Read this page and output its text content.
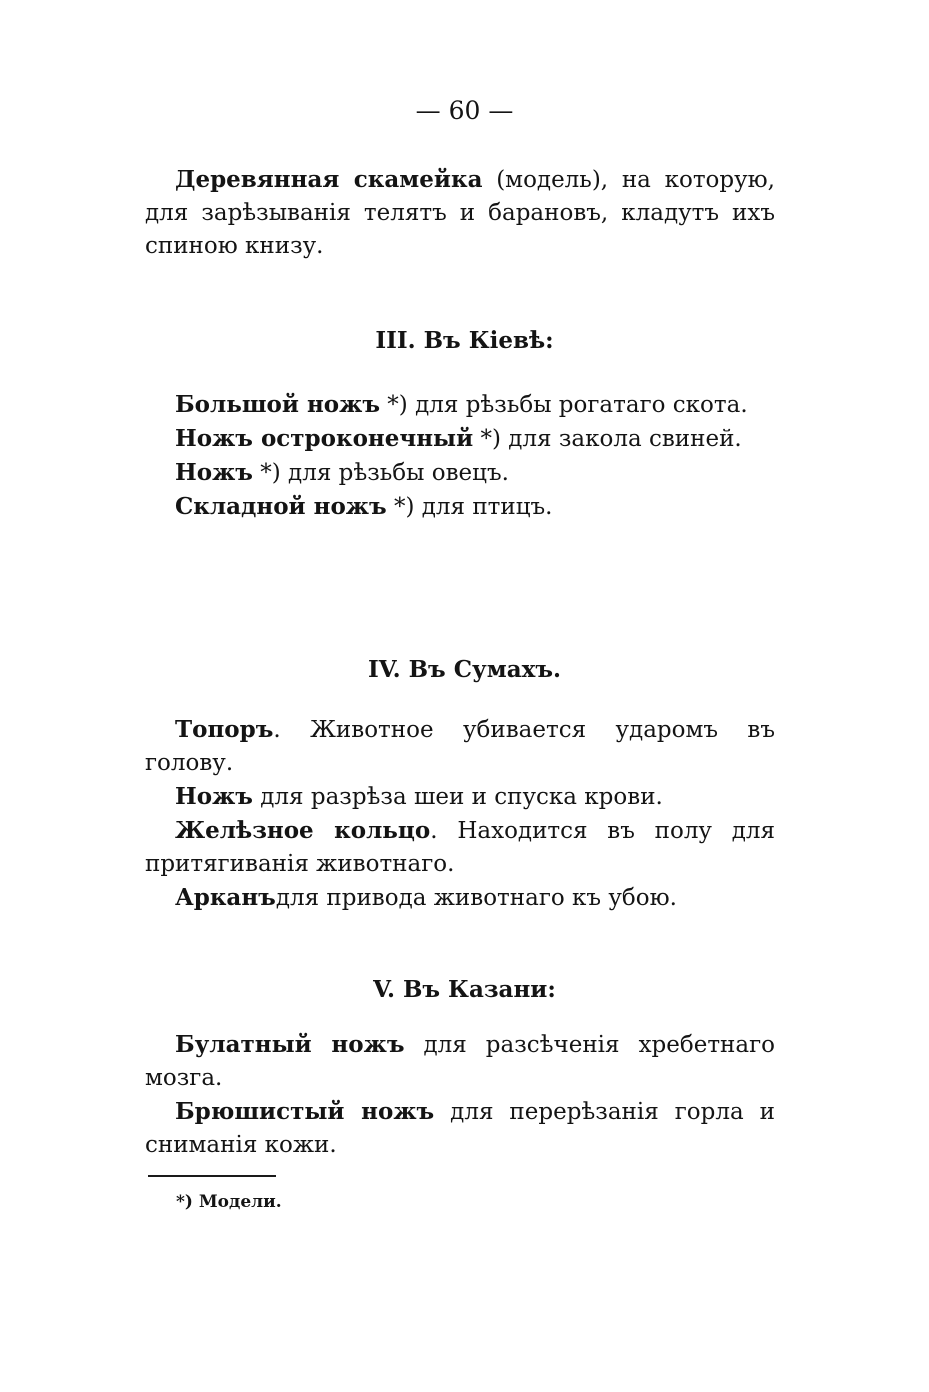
— 60 —

Деревянная скамейка (модель), на которую, для зарѣзыванія телятъ и барановъ, кладутъ ихъ спиною книзу.

III. Въ Кіевѣ:

Большой ножъ *) для рѣзьбы рогатаго скота.

Ножъ остроконечный *) для закола свиней.

Ножъ *) для рѣзьбы овецъ.

Складной ножъ *) для птицъ.

IV. Въ Сумахъ.

Топоръ. Животное убивается ударомъ въ голову.

Ножъ для разрѣза шеи и спуска крови.

Желѣзное кольцо. Находится въ полу для притягиванія животнаго.

Арканъдля привода животнаго къ убою.

V. Въ Казани:

Булатный ножъ для разсѣченія хребетнаго мозга.

Брюшистый ножъ для перерѣзанія горла и сниманія кожи.

*) Модели.
